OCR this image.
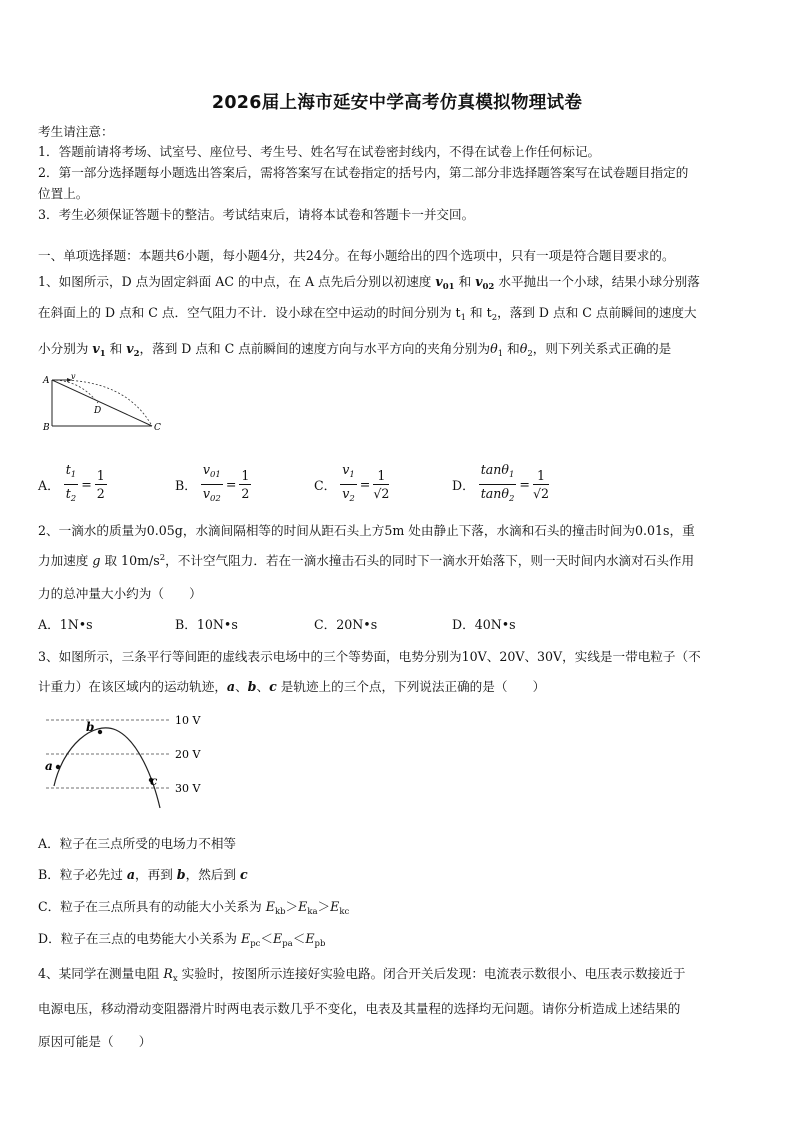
2026届上海市延安中学高考仿真模拟物理试卷
考生请注意：
1．答题前请将考场、试室号、座位号、考生号、姓名写在试卷密封线内，不得在试卷上作任何标记。
2．第一部分选择题每小题选出答案后，需将答案写在试卷指定的括号内，第二部分非选择题答案写在试卷题目指定的
位置上。
3．考生必须保证答题卡的整洁。考试结束后，请将本试卷和答题卡一并交回。
一、单项选择题：本题共6小题，每小题4分，共24分。在每小题给出的四个选项中，只有一项是符合题目要求的。
1、如图所示，D 点为固定斜面 AC 的中点，在 A 点先后分别以初速度 $v_{01}$ 和 $v_{02}$ 水平抛出一个小球，结果小球分别落
在斜面上的 D 点和 C 点．空气阻力不计．设小球在空中运动的时间分别为 $t_1$ 和 $t_2$，落到 D 点和 C 点前瞬间的速度大
小分别为 $v_1$ 和 $v_2$，落到 D 点和 C 点前瞬间的速度方向与水平方向的夹角分别为$\theta_1$ 和$\theta_2$，则下列关系式正确的是
A	v
D
B	C
A． $\frac{t_1}{t_2} = \frac{1}{2}$	B． $\frac{v_{01}}{v_{02}} = \frac{1}{2}$	C． $\frac{v_1}{v_2} = \frac{1}{√2}$	D． $\frac{\tan\theta_1}{\tan\theta_2} = \frac{1}{√2}$
2、一滴水的质量为0.05g，水滴间隔相等的时间从距石头上方5m 处由静止下落，水滴和石头的撞击时间为0.01s，重
力加速度 g 取 $10m/s^2$，不计空气阻力．若在一滴水撞击石头的同时下一滴水开始落下，则一天时间内水滴对石头作用
力的总冲量大小约为（　　）
A．1N•s	B．10N•s	C．20N•s	D．40N•s
3、如图所示，三条平行等间距的虚线表示电场中的三个等势面，电势分别为10V、20V、30V，实线是一带电粒子（不
计重力）在该区域内的运动轨迹，a、b、c 是轨迹上的三个点，下列说法正确的是（　　）
10 V
20 V
30 V
a
b
c
A．粒子在三点所受的电场力不相等
B．粒子必先过 a，再到 b，然后到 c
C．粒子在三点所具有的动能大小关系为 $E_{kb}>E_{ka}>E_{kc}$
D．粒子在三点的电势能大小关系为 $E_{pc}<E_{pa}<E_{pb}$
4、某同学在测量电阻 $R_x$ 实验时，按图所示连接好实验电路。闭合开关后发现：电流表示数很小、电压表示数接近于
电源电压，移动滑动变阻器滑片时两电表示数几乎不变化，电表及其量程的选择均无问题。请你分析造成上述结果的
原因可能是（　　）
